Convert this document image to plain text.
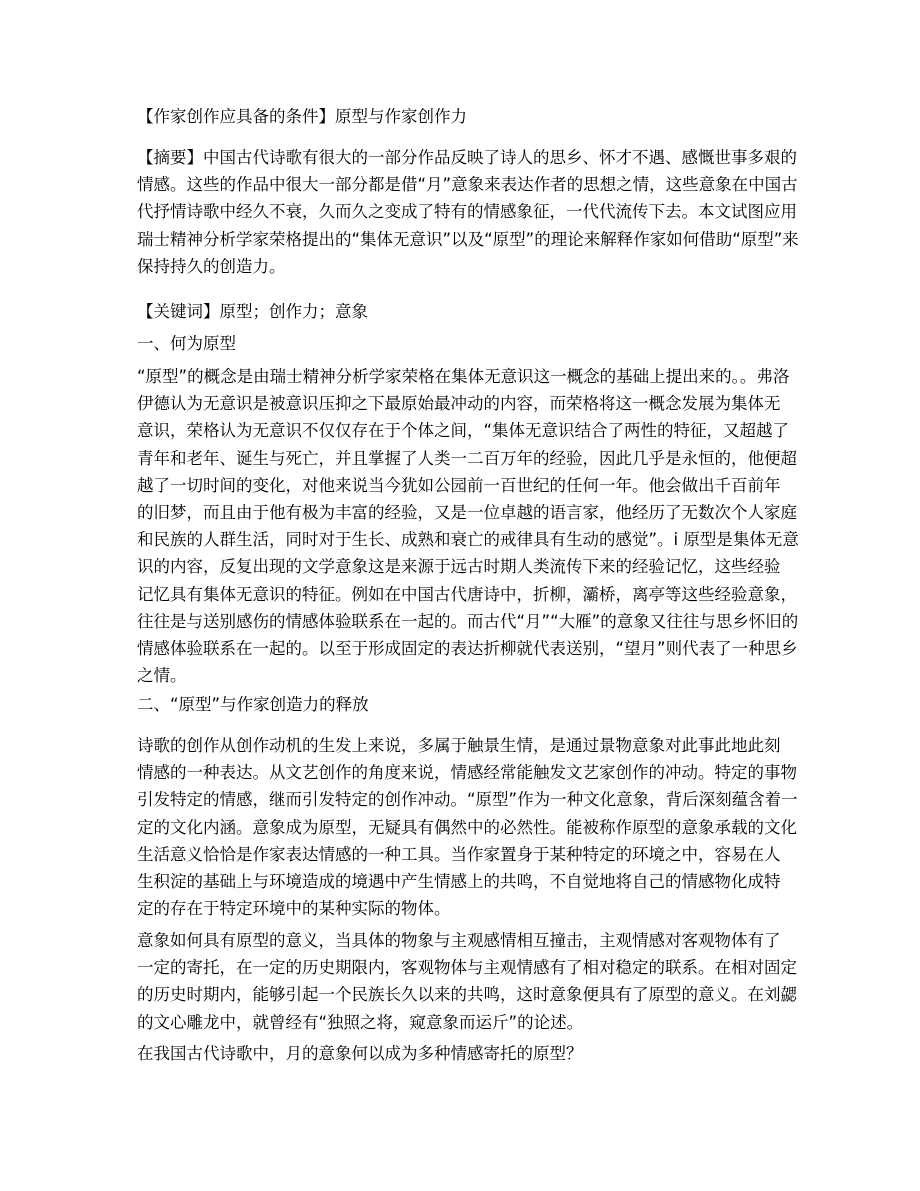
【作家创作应具备的条件】原型与作家创作力
【摘要】中国古代诗歌有很大的一部分作品反映了诗人的思乡、怀才不遇、感慨世事多艰的
情感。这些的作品中很大一部分都是借“月”意象来表达作者的思想之情，这些意象在中国古
代抒情诗歌中经久不衰，久而久之变成了特有的情感象征，一代代流传下去。本文试图应用
瑞士精神分析学家荣格提出的“集体无意识”以及“原型”的理论来解释作家如何借助“原型”来
保持持久的创造力。
【关键词】原型；创作力；意象
一、何为原型
“原型”的概念是由瑞士精神分析学家荣格在集体无意识这一概念的基础上提出来的。。弗洛
伊德认为无意识是被意识压抑之下最原始最冲动的内容，而荣格将这一概念发展为集体无
意识，荣格认为无意识不仅仅存在于个体之间，“集体无意识结合了两性的特征，又超越了
青年和老年、诞生与死亡，并且掌握了人类一二百万年的经验，因此几乎是永恒的，他便超
越了一切时间的变化，对他来说当今犹如公园前一百世纪的任何一年。他会做出千百前年
的旧梦，而且由于他有极为丰富的经验，又是一位卓越的语言家，他经历了无数次个人家庭
和民族的人群生活，同时对于生长、成熟和衰亡的戒律具有生动的感觉”。i 原型是集体无意
识的内容，反复出现的文学意象这是来源于远古时期人类流传下来的经验记忆，这些经验
记忆具有集体无意识的特征。例如在中国古代唐诗中，折柳，灞桥，离亭等这些经验意象，
往往是与送别感伤的情感体验联系在一起的。而古代“月”“大雁”的意象又往往与思乡怀旧的
情感体验联系在一起的。以至于形成固定的表达折柳就代表送别，“望月”则代表了一种思乡
之情。
二、“原型”与作家创造力的释放
诗歌的创作从创作动机的生发上来说，多属于触景生情，是通过景物意象对此事此地此刻
情感的一种表达。从文艺创作的角度来说，情感经常能触发文艺家创作的冲动。特定的事物
引发特定的情感，继而引发特定的创作冲动。“原型”作为一种文化意象，背后深刻蕴含着一
定的文化内涵。意象成为原型，无疑具有偶然中的必然性。能被称作原型的意象承载的文化
生活意义恰恰是作家表达情感的一种工具。当作家置身于某种特定的环境之中，容易在人
生积淀的基础上与环境造成的境遇中产生情感上的共鸣，不自觉地将自己的情感物化成特
定的存在于特定环境中的某种实际的物体。
意象如何具有原型的意义，当具体的物象与主观感情相互撞击，主观情感对客观物体有了
一定的寄托，在一定的历史期限内，客观物体与主观情感有了相对稳定的联系。在相对固定
的历史时期内，能够引起一个民族长久以来的共鸣，这时意象便具有了原型的意义。在刘勰
的文心雕龙中，就曾经有“独照之将，窥意象而运斤”的论述。
在我国古代诗歌中，月的意象何以成为多种情感寄托的原型？
